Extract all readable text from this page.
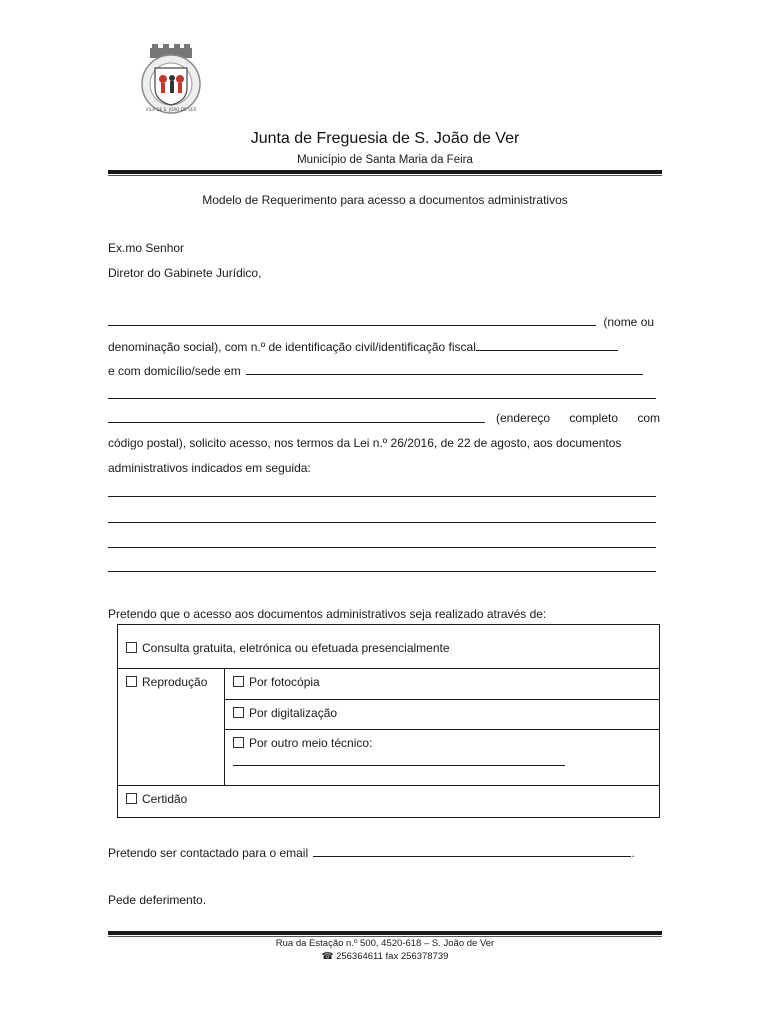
VILA DE S. JOÃO DE VER
Junta de Freguesia de S. João de Ver
Município de Santa Maria da Feira
Modelo de Requerimento para acesso a documentos administrativos
Ex.mo Senhor
Diretor do Gabinete Jurídico,
(nome ou
denominação social), com n.º de identificação civil/identificação fiscal
e com domicílio/sede em
(endereço completo com
código postal), solicito acesso, nos termos da Lei n.º 26/2016, de 22 de agosto, aos documentos
administrativos indicados em seguida:
Pretendo que o acesso aos documentos administrativos seja realizado através de:
Consulta gratuita, eletrónica ou efetuada presencialmente
Reprodução	Por fotocópia
Por digitalização
Por outro meio técnico:

Certidão
Pretendo ser contactado para o email	.
Pede deferimento.
Rua da Estação n.º 500, 4520-618 – S. João de Ver
☎ 256364611 fax 256378739
